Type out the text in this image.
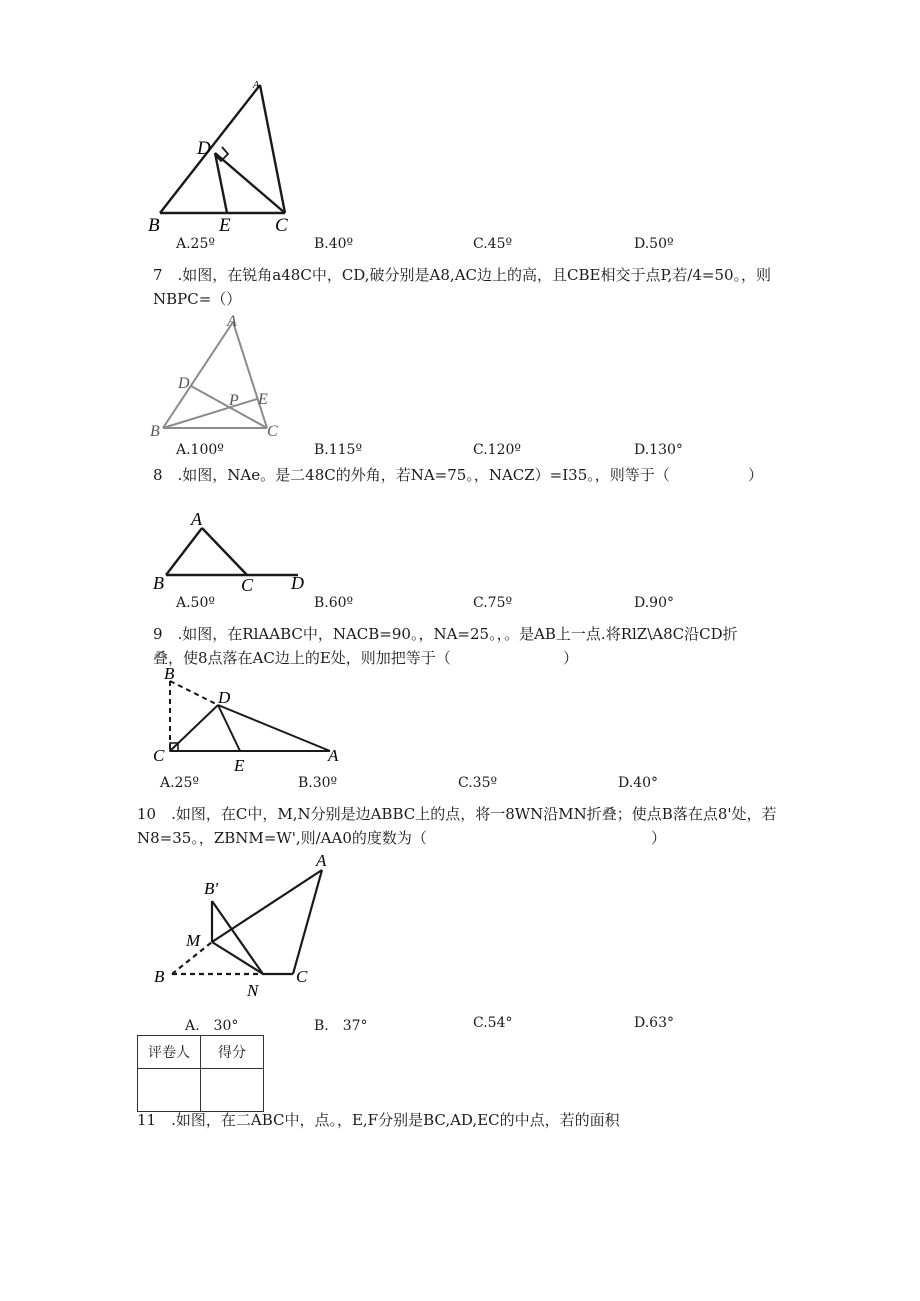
A
D
B	E C
A.25º	B.40º	C.45º	D.50º
7　.如图，在锐角a48C中，CD,破分别是A8,AC边上的高，且CBE相交于点P,若/4=50。，则
NBPC=（）
A
D
P E
B	C
A.100º	B.115º	C.120º	D.130°
8　.如图，NAe。是二48C的外角，若NA=75。，NACZ）=I35。，则等于（	）
A
B	C D
A.50º	B.60º	C.75º	D.90°
9　.如图，在RlAABC中，NACB=90。，NA=25。，。是AB上一点.将RlZ\A8C沿CD折
叠，使8点落在AC边上的E处，则加把等于（	）
B
D
C
E
A
A.25º	B.30º	C.35º	D.40°
10　.如图，在C中，M,N分别是边ABBC上的点，将一8WN沿MN折叠；使点B落在点8'处，若
N8=35。，ZBNM=W',则/AA0的度数为（	）
A
B'
M
B
N
C
A.　30°	B.　37°	C.54°	D.63°
评卷人	得分

11　.如图，在二ABC中，点。，E,F分别是BC,AD,EC的中点，若的面积
